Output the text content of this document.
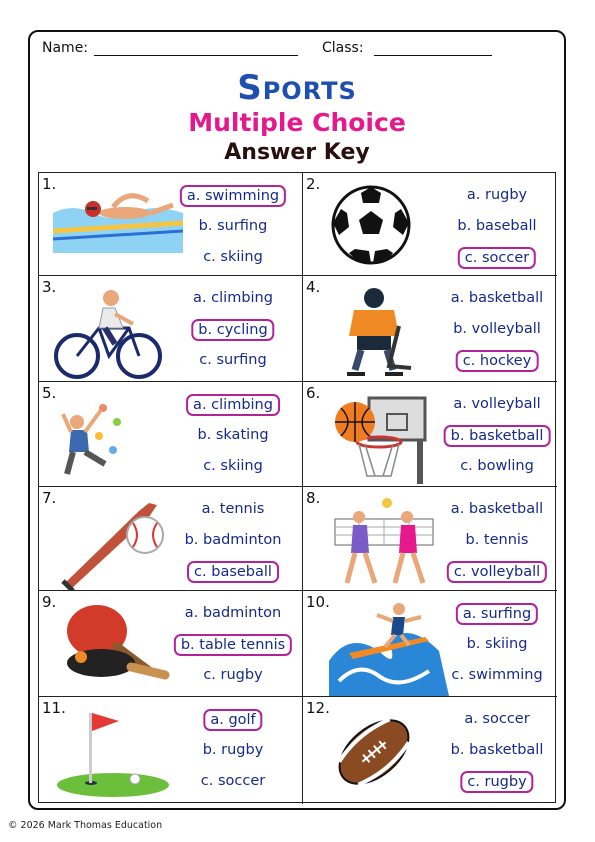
Name:	Class:
Sports
Multiple Choice
Answer Key
1.
a. swimming
b. surfing
c. skiing
2.
a. rugby
b. baseball
c. soccer
3.
a. climbing
b. cycling
c. surfing
4.
a. basketball
b. volleyball
c. hockey
5.
a. climbing
b. skating
c. skiing
6.
a. volleyball
b. basketball
c. bowling
7.
a. tennis
b. badminton
c. baseball
8.
a. basketball
b. tennis
c. volleyball
9.
a. badminton
b. table tennis
c. rugby
10.
a. surfing
b. skiing
c. swimming
11.
a. golf
b. rugby
c. soccer
12.
a. soccer
b. basketball
c. rugby
© 2026 Mark Thomas Education
